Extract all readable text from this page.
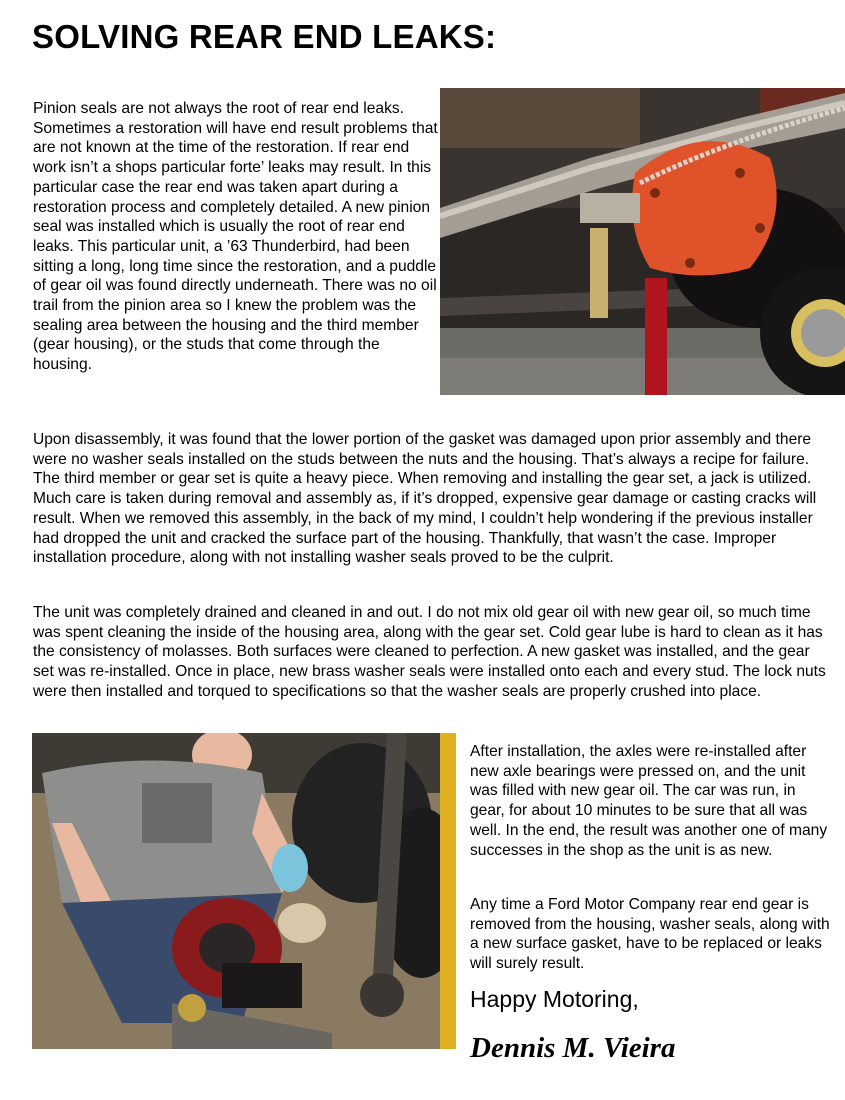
SOLVING REAR END LEAKS:

Pinion seals are not always the root of rear end leaks. Sometimes a restoration will have end result problems that are not known at the time of the restoration. If rear end work isn’t a shops particular forte’ leaks may result. In this particular case the rear end was taken apart during a restoration process and completely detailed. A new pinion seal was installed which is usually the root of rear end leaks. This particular unit, a ’63 Thunderbird, had been sitting a long, long time since the restoration, and a puddle of gear oil was found directly underneath. There was no oil trail from the pinion area so I knew the problem was the sealing area between the housing and the third member (gear housing), or the studs that come through the housing.

Upon disassembly, it was found that the lower portion of the gasket was damaged upon prior assembly and there were no washer seals installed on the studs between the nuts and the housing. That’s always a recipe for failure. The third member or gear set is quite a heavy piece. When removing and installing the gear set, a jack is utilized. Much care is taken during removal and assembly as, if it’s dropped, expensive gear damage or casting cracks will result. When we removed this assembly, in the back of my mind, I couldn’t help wondering if the previous installer had dropped the unit and cracked the surface part of the housing. Thankfully, that wasn’t the case. Improper installation procedure, along with not installing washer seals proved to be the culprit.

The unit was completely drained and cleaned in and out. I do not mix old gear oil with new gear oil, so much time was spent cleaning the inside of the housing area, along with the gear set. Cold gear lube is hard to clean as it has the consistency of molasses. Both surfaces were cleaned to perfection. A new gasket was installed, and the gear set was re-installed. Once in place, new brass washer seals were installed onto each and every stud. The lock nuts were then installed and torqued to specifications so that the washer seals are properly crushed into place.

After installation, the axles were re-installed after new axle bearings were pressed on, and the unit was filled with new gear oil. The car was run, in gear, for about 10 minutes to be sure that all was well. In the end, the result was another one of many successes in the shop as the unit is as new.

Any time a Ford Motor Company rear end gear is removed from the housing, washer seals, along with a new surface gasket, have to be replaced or leaks will surely result.

Happy Motoring,

Dennis M. Vieira
